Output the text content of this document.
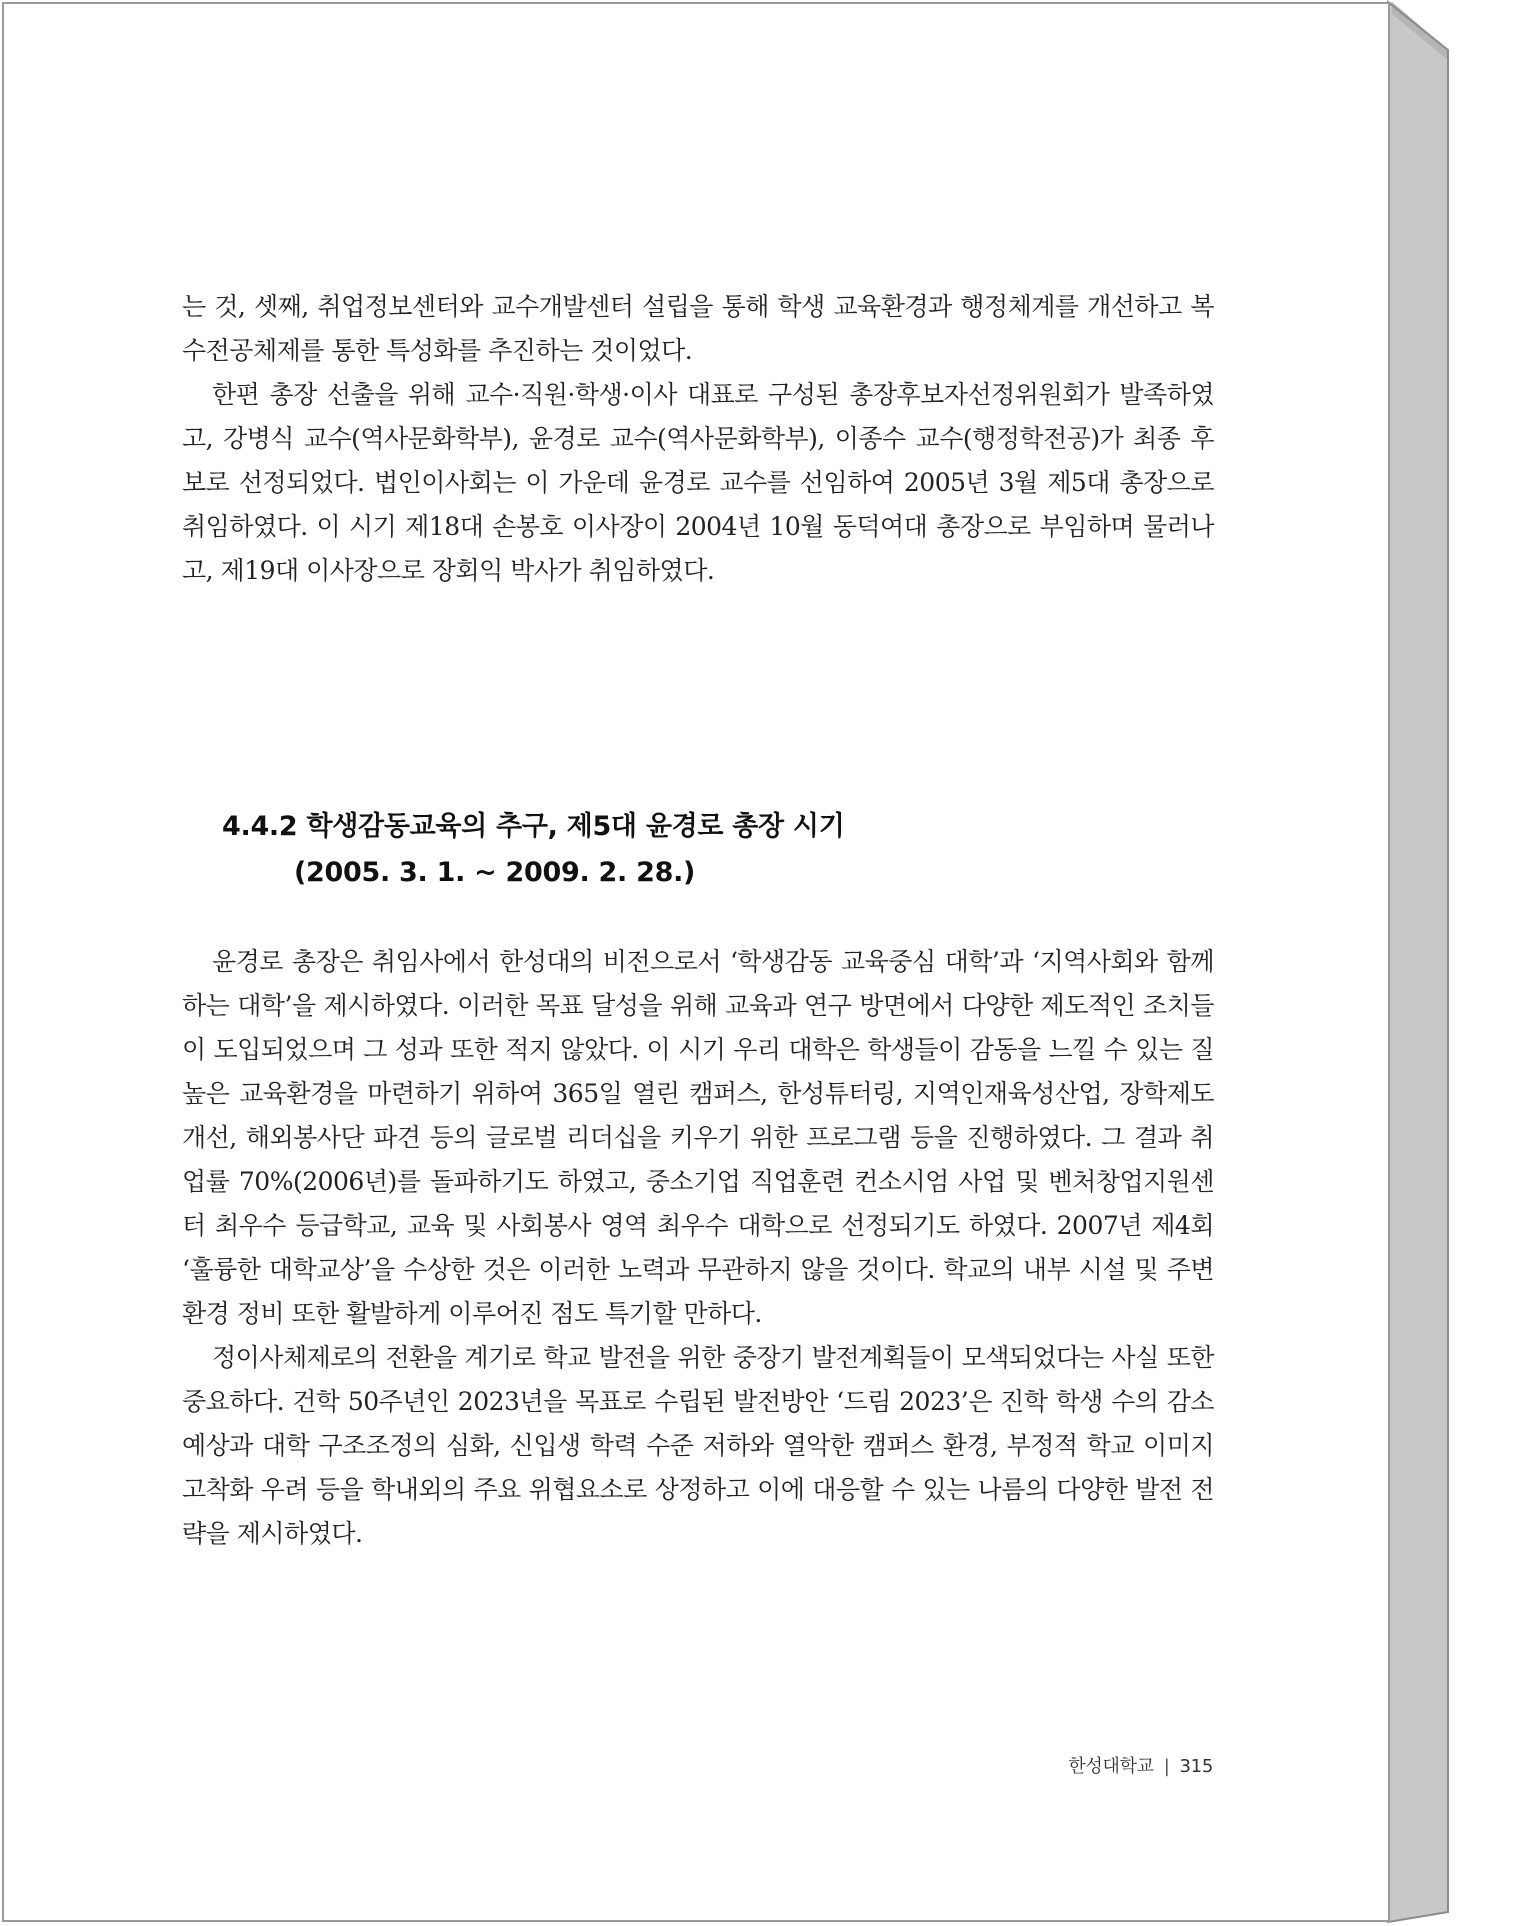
는 것, 셋째, 취업정보센터와 교수개발센터 설립을 통해 학생 교육환경과 행정체계를 개선하고 복수전공체제를 통한 특성화를 추진하는 것이었다.

한편 총장 선출을 위해 교수·직원·학생·이사 대표로 구성된 총장후보자선정위원회가 발족하였고, 강병식 교수(역사문화학부), 윤경로 교수(역사문화학부), 이종수 교수(행정학전공)가 최종 후보로 선정되었다. 법인이사회는 이 가운데 윤경로 교수를 선임하여 2005년 3월 제5대 총장으로 취임하였다. 이 시기 제18대 손봉호 이사장이 2004년 10월 동덕여대 총장으로 부임하며 물러나고, 제19대 이사장으로 장회익 박사가 취임하였다.

4.4.2 학생감동교육의 추구, 제5대 윤경로 총장 시기
(2005. 3. 1. ~ 2009. 2. 28.)

윤경로 총장은 취임사에서 한성대의 비전으로서 ‘학생감동 교육중심 대학’과 ‘지역사회와 함께하는 대학’을 제시하였다. 이러한 목표 달성을 위해 교육과 연구 방면에서 다양한 제도적인 조치들이 도입되었으며 그 성과 또한 적지 않았다. 이 시기 우리 대학은 학생들이 감동을 느낄 수 있는 질 높은 교육환경을 마련하기 위하여 365일 열린 캠퍼스, 한성튜터링, 지역인재육성산업, 장학제도 개선, 해외봉사단 파견 등의 글로벌 리더십을 키우기 위한 프로그램 등을 진행하였다. 그 결과 취업률 70%(2006년)를 돌파하기도 하였고, 중소기업 직업훈련 컨소시엄 사업 및 벤처창업지원센터 최우수 등급학교, 교육 및 사회봉사 영역 최우수 대학으로 선정되기도 하였다. 2007년 제4회 ‘훌륭한 대학교상’을 수상한 것은 이러한 노력과 무관하지 않을 것이다. 학교의 내부 시설 및 주변 환경 정비 또한 활발하게 이루어진 점도 특기할 만하다.

정이사체제로의 전환을 계기로 학교 발전을 위한 중장기 발전계획들이 모색되었다는 사실 또한 중요하다. 건학 50주년인 2023년을 목표로 수립된 발전방안 ‘드림 2023’은 진학 학생 수의 감소 예상과 대학 구조조정의 심화, 신입생 학력 수준 저하와 열악한 캠퍼스 환경, 부정적 학교 이미지 고착화 우려 등을 학내외의 주요 위협요소로 상정하고 이에 대응할 수 있는 나름의 다양한 발전 전략을 제시하였다.

한성대학교 | 315
